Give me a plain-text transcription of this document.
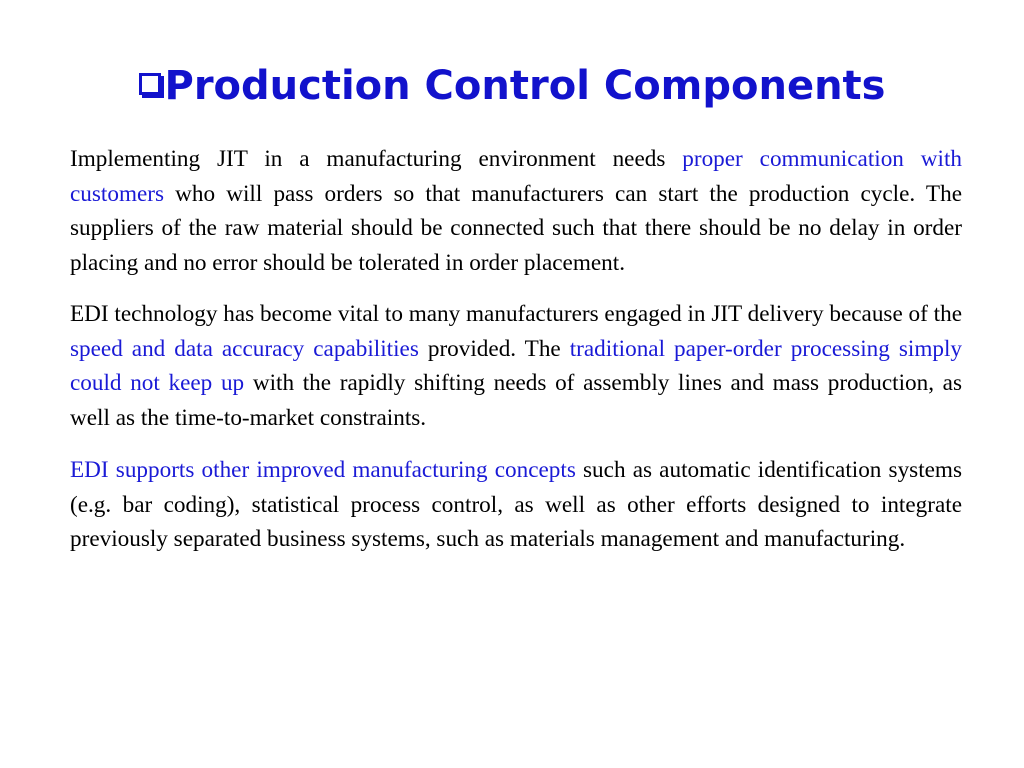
Production Control Components

Implementing JIT in a manufacturing environment needs proper communication with customers who will pass orders so that manufacturers can start the production cycle. The suppliers of the raw material should be connected such that there should be no delay in order placing and no error should be tolerated in order placement.

EDI technology has become vital to many manufacturers engaged in JIT delivery because of the speed and data accuracy capabilities provided. The traditional paper-order processing simply could not keep up with the rapidly shifting needs of assembly lines and mass production, as well as the time-to-market constraints.

EDI supports other improved manufacturing concepts such as automatic identification systems (e.g. bar coding), statistical process control, as well as other efforts designed to integrate previously separated business systems, such as materials management and manufacturing.
